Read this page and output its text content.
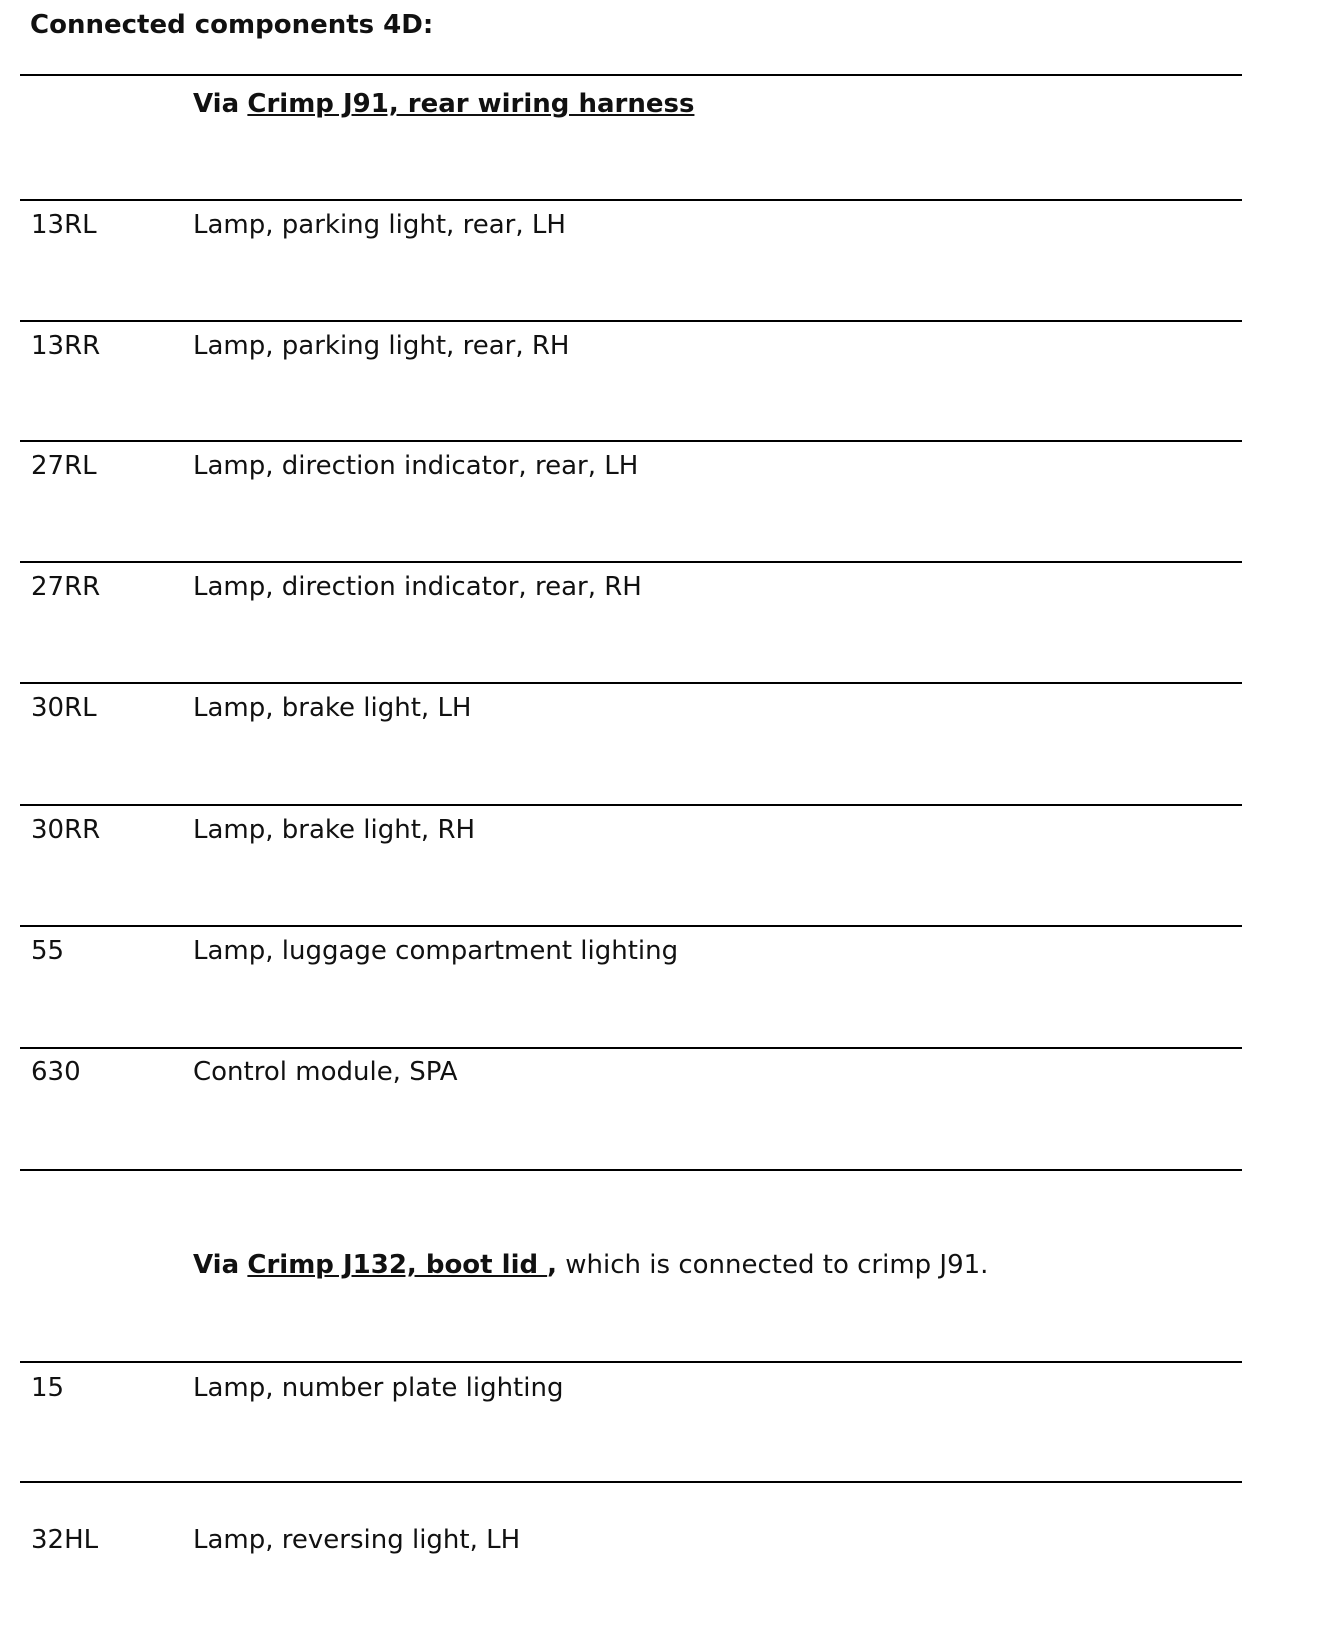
Connected components 4D:
Via Crimp J91, rear wiring harness
13RL	Lamp, parking light, rear, LH
13RR	Lamp, parking light, rear, RH
27RL	Lamp, direction indicator, rear, LH
27RR	Lamp, direction indicator, rear, RH
30RL	Lamp, brake light, LH
30RR	Lamp, brake light, RH
55	Lamp, luggage compartment lighting
630	Control module, SPA
Via Crimp J132, boot lid , which is connected to crimp J91.
15	Lamp, number plate lighting
32HL	Lamp, reversing light, LH
